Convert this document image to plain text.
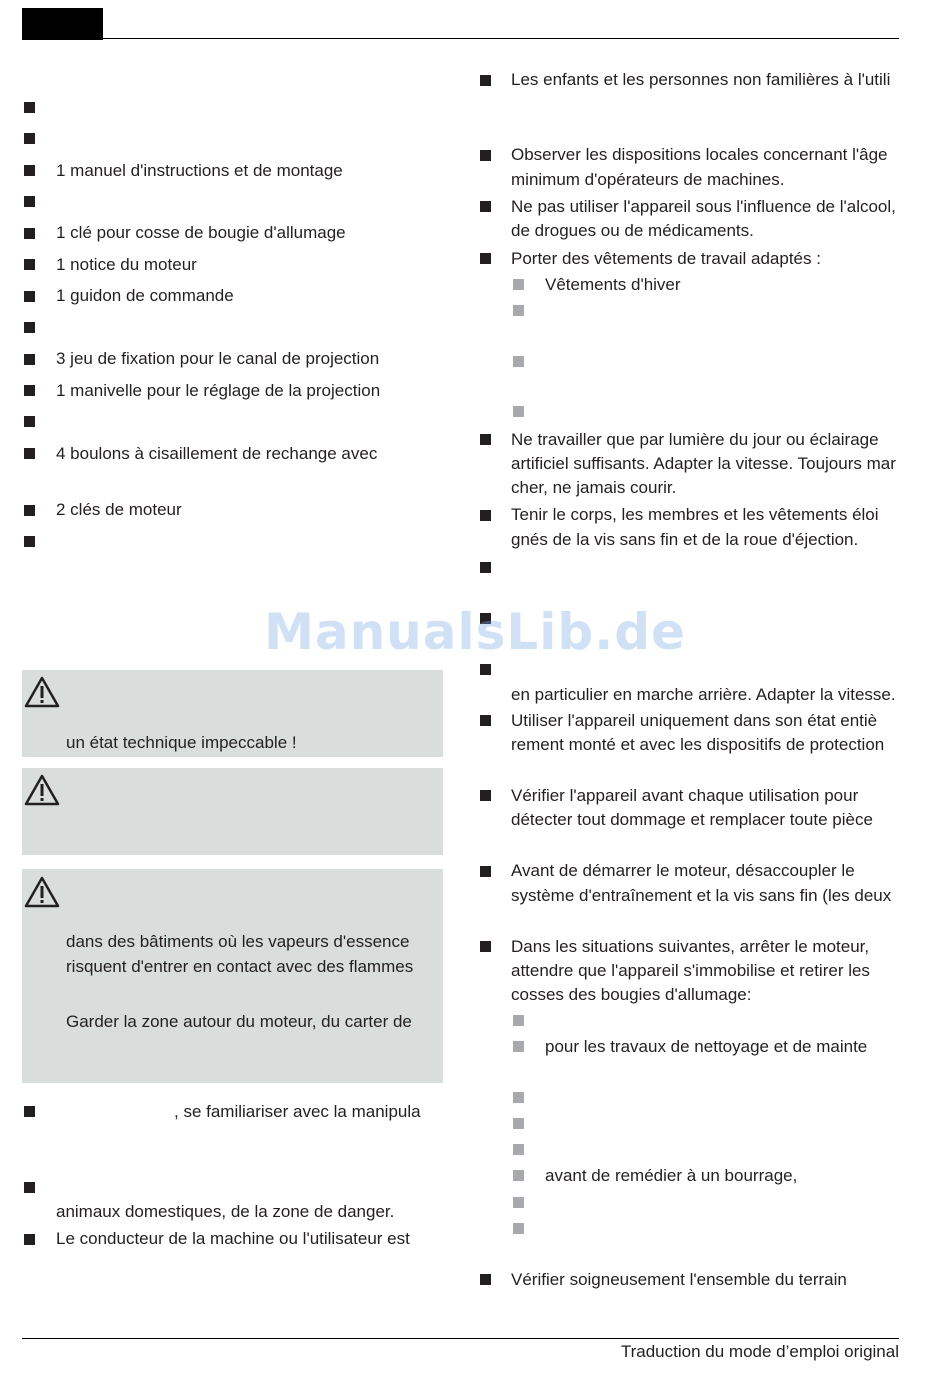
1 manuel d'instructions et de montage
1 clé pour cosse de bougie d'allumage
1 notice du moteur
1 guidon de commande
3 jeu de fixation pour le canal de projection
1 manivelle pour le réglage de la projection
4 boulons à cisaillement de rechange avec
2 clés de moteur
un état technique impeccable !
dans des bâtiments où les vapeurs d'essence
risquent d'entrer en contact avec des flammes
Garder la zone autour du moteur, du carter de
, se familiariser avec la manipula
animaux domestiques, de la zone de danger.
Le conducteur de la machine ou l'utilisateur est
Les enfants et les personnes non familières à l'utili
Observer les dispositions locales concernant l'âge
minimum d'opérateurs de machines.
Ne pas utiliser l'appareil sous l'influence de l'alcool,
de drogues ou de médicaments.
Porter des vêtements de travail adaptés :
Vêtements d'hiver
Ne travailler que par lumière du jour ou éclairage
artificiel suffisants. Adapter la vitesse. Toujours mar
cher, ne jamais courir.
Tenir le corps, les membres et les vêtements éloi
gnés de la vis sans fin et de la roue d'éjection.
en particulier en marche arrière. Adapter la vitesse.
Utiliser l'appareil uniquement dans son état entiè
rement monté et avec les dispositifs de protection
Vérifier l'appareil avant chaque utilisation pour
détecter tout dommage et remplacer toute pièce
Avant de démarrer le moteur, désaccoupler le
système d'entraînement et la vis sans fin (les deux
Dans les situations suivantes, arrêter le moteur,
attendre que l'appareil s'immobilise et retirer les
cosses des bougies d'allumage:
pour les travaux de nettoyage et de mainte
avant de remédier à un bourrage,
Vérifier soigneusement l'ensemble du terrain
ManualsLib.de
Traduction du mode d’emploi original
